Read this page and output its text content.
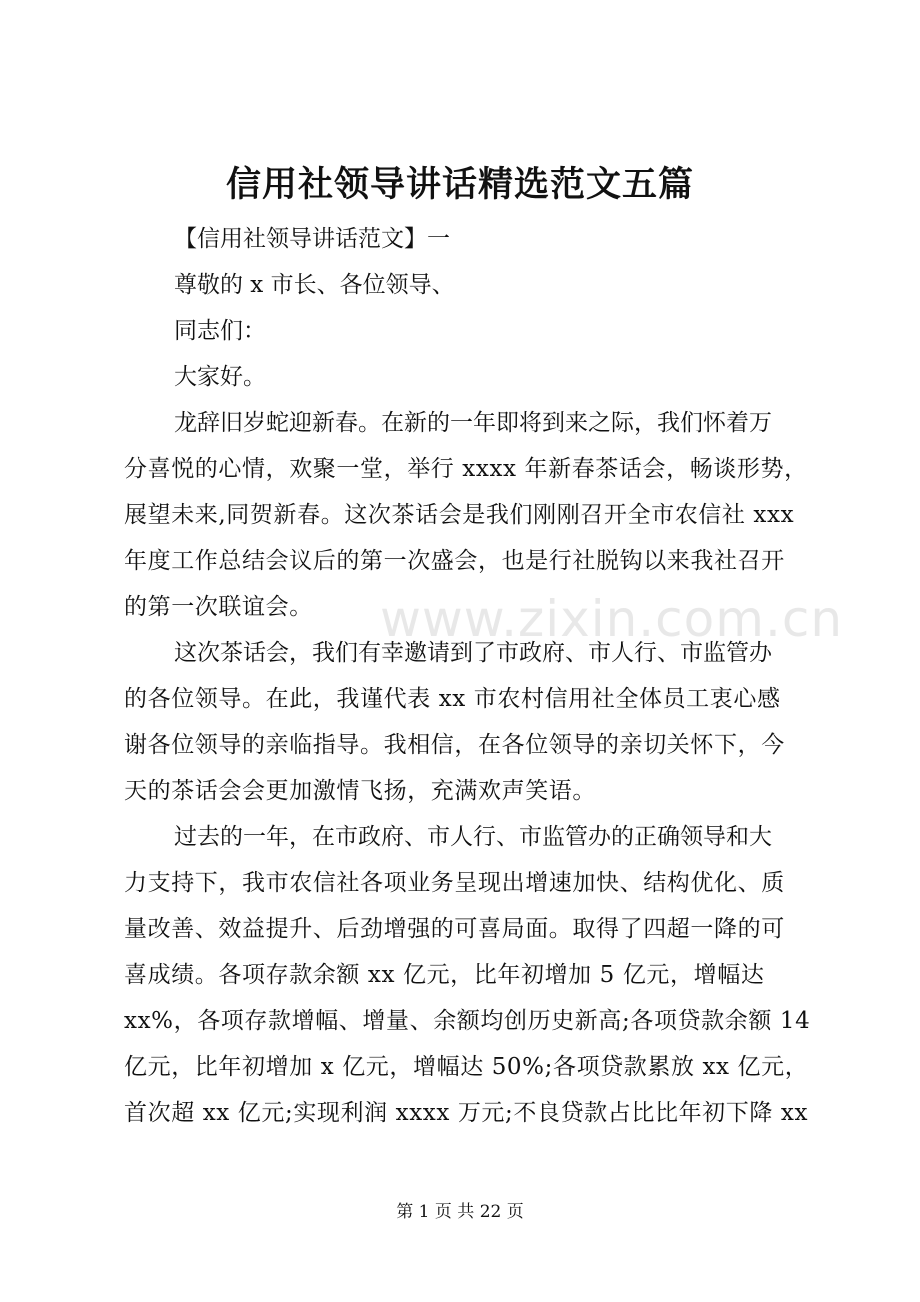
信用社领导讲话精选范文五篇

【信用社领导讲话范文】一

尊敬的 x 市长、各位领导、

同志们：

大家好。

龙辞旧岁蛇迎新春。在新的一年即将到来之际，我们怀着万

分喜悦的心情，欢聚一堂，举行 xxxx 年新春茶话会，畅谈形势，

展望未来,同贺新春。这次茶话会是我们刚刚召开全市农信社 xxx

年度工作总结会议后的第一次盛会，也是行社脱钩以来我社召开

的第一次联谊会。

这次茶话会，我们有幸邀请到了市政府、市人行、市监管办

的各位领导。在此，我谨代表 xx 市农村信用社全体员工衷心感

谢各位领导的亲临指导。我相信，在各位领导的亲切关怀下，今

天的茶话会会更加激情飞扬，充满欢声笑语。

过去的一年，在市政府、市人行、市监管办的正确领导和大

力支持下，我市农信社各项业务呈现出增速加快、结构优化、质

量改善、效益提升、后劲增强的可喜局面。取得了四超一降的可

喜成绩。各项存款余额 xx 亿元，比年初增加 5 亿元，增幅达

xx%，各项存款增幅、增量、余额均创历史新高;各项贷款余额 14

亿元，比年初增加 x 亿元，增幅达 50%;各项贷款累放 xx 亿元，

首次超 xx 亿元;实现利润 xxxx 万元;不良贷款占比比年初下降 xx

www.zixin.com.cn
第 1 页 共 22 页
